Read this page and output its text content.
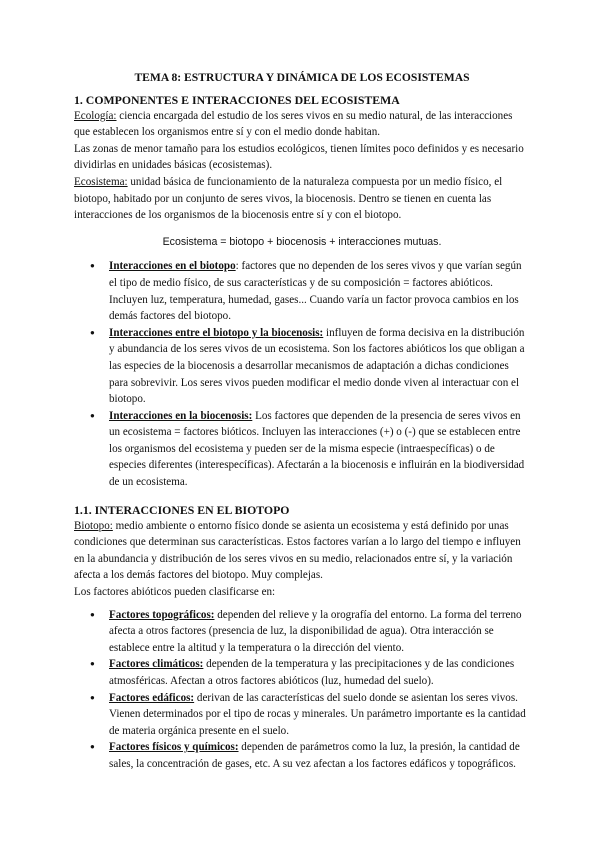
TEMA 8: ESTRUCTURA Y DINÁMICA DE LOS ECOSISTEMAS
1. COMPONENTES E INTERACCIONES DEL ECOSISTEMA

Ecología: ciencia encargada del estudio de los seres vivos en su medio natural, de las interacciones que establecen los organismos entre sí y con el medio donde habitan.

Las zonas de menor tamaño para los estudios ecológicos, tienen límites poco definidos y es necesario dividirlas en unidades básicas (ecosistemas).

Ecosistema: unidad básica de funcionamiento de la naturaleza compuesta por un medio físico, el biotopo, habitado por un conjunto de seres vivos, la biocenosis. Dentro se tienen en cuenta las interacciones de los organismos de la biocenosis entre sí y con el biotopo.

Ecosistema = biotopo + biocenosis + interacciones mutuas.

● Interacciones en el biotopo: factores que no dependen de los seres vivos y que varían según el tipo de medio físico, de sus características y de su composición = factores abióticos. Incluyen luz, temperatura, humedad, gases... Cuando varía un factor provoca cambios en los demás factores del biotopo.
● Interacciones entre el biotopo y la biocenosis: influyen de forma decisiva en la distribución y abundancia de los seres vivos de un ecosistema. Son los factores abióticos los que obligan a las especies de la biocenosis a desarrollar mecanismos de adaptación a dichas condiciones para sobrevivir. Los seres vivos pueden modificar el medio donde viven al interactuar con el biotopo.
● Interacciones en la biocenosis: Los factores que dependen de la presencia de seres vivos en un ecosistema = factores bióticos. Incluyen las interacciones (+) o (-) que se establecen entre los organismos del ecosistema y pueden ser de la misma especie (intraespecíficas) o de especies diferentes (interespecíficas). Afectarán a la biocenosis e influirán en la biodiversidad de un ecosistema.
1.1. INTERACCIONES EN EL BIOTOPO

Biotopo: medio ambiente o entorno físico donde se asienta un ecosistema y está definido por unas condiciones que determinan sus características. Estos factores varían a lo largo del tiempo e influyen en la abundancia y distribución de los seres vivos en su medio, relacionados entre sí, y la variación afecta a los demás factores del biotopo. Muy complejas.

Los factores abióticos pueden clasificarse en:

● Factores topográficos: dependen del relieve y la orografía del entorno. La forma del terreno afecta a otros factores (presencia de luz, la disponibilidad de agua). Otra interacción se establece entre la altitud y la temperatura o la dirección del viento.
● Factores climáticos: dependen de la temperatura y las precipitaciones y de las condiciones atmosféricas. Afectan a otros factores abióticos (luz, humedad del suelo).
● Factores edáficos: derivan de las características del suelo donde se asientan los seres vivos. Vienen determinados por el tipo de rocas y minerales. Un parámetro importante es la cantidad de materia orgánica presente en el suelo.
● Factores físicos y químicos: dependen de parámetros como la luz, la presión, la cantidad de sales, la concentración de gases, etc. A su vez afectan a los factores edáficos y topográficos.
